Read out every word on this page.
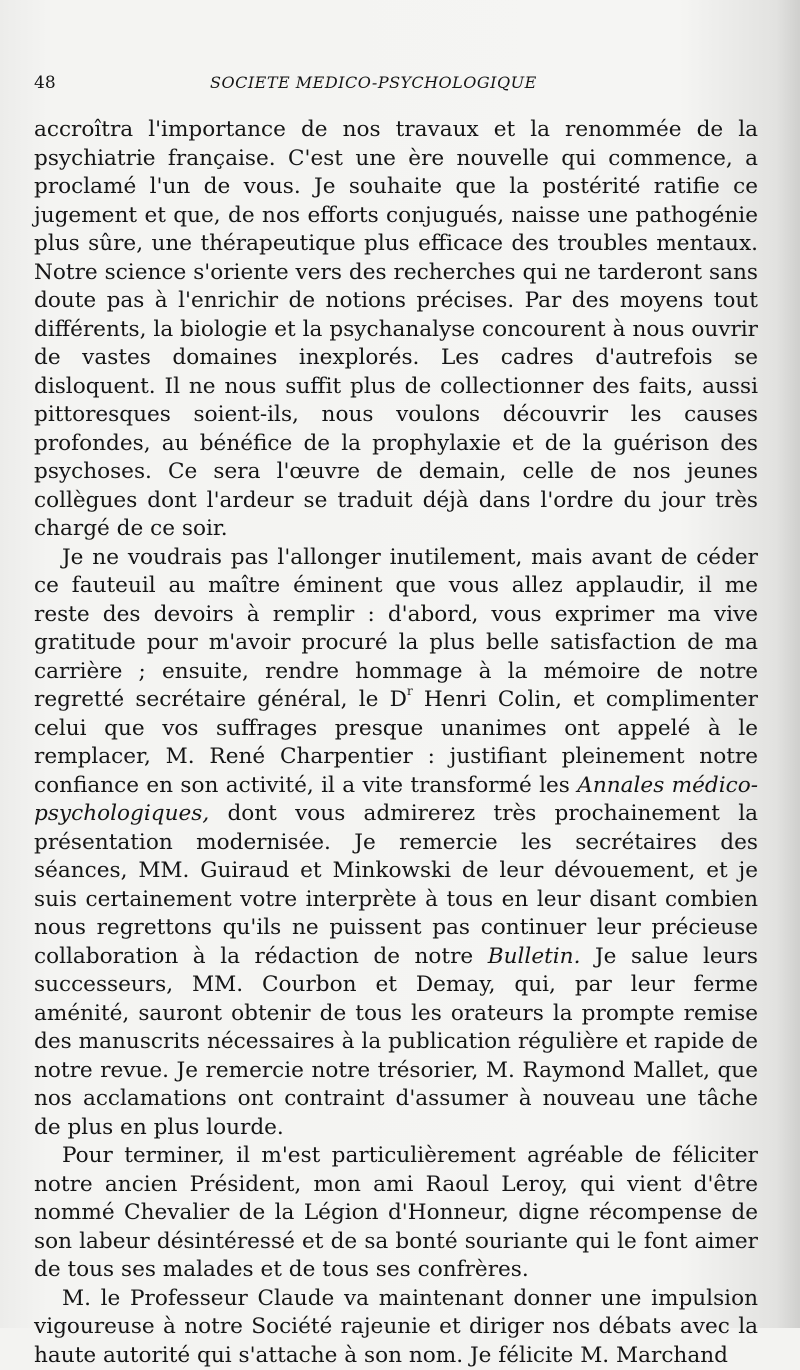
48	SOCIETE MEDICO-PSYCHOLOGIQUE

accroîtra l'importance de nos travaux et la renommée de la psychiatrie française. C'est une ère nouvelle qui commence, a proclamé l'un de vous. Je souhaite que la postérité ratifie ce jugement et que, de nos efforts conjugués, naisse une pathogénie plus sûre, une thérapeutique plus efficace des troubles mentaux. Notre science s'oriente vers des recherches qui ne tarderont sans doute pas à l'enrichir de notions précises. Par des moyens tout différents, la biologie et la psychanalyse concourent à nous ouvrir de vastes domaines inexplorés. Les cadres d'autrefois se disloquent. Il ne nous suffit plus de collectionner des faits, aussi pittoresques soient-ils, nous voulons découvrir les causes profondes, au bénéfice de la prophylaxie et de la guérison des psychoses. Ce sera l'œuvre de demain, celle de nos jeunes collègues dont l'ardeur se traduit déjà dans l'ordre du jour très chargé de ce soir.

Je ne voudrais pas l'allonger inutilement, mais avant de céder ce fauteuil au maître éminent que vous allez applaudir, il me reste des devoirs à remplir : d'abord, vous exprimer ma vive gratitude pour m'avoir procuré la plus belle satisfaction de ma carrière ; ensuite, rendre hommage à la mémoire de notre regretté secrétaire général, le $D^r$ Henri Colin, et complimenter celui que vos suffrages presque unanimes ont appelé à le remplacer, M. René Charpentier : justifiant pleinement notre confiance en son activité, il a vite transformé les Annales médico-psychologiques, dont vous admirerez très prochainement la présentation modernisée. Je remercie les secrétaires des séances, MM. Guiraud et Minkowski de leur dévouement, et je suis certainement votre interprète à tous en leur disant combien nous regrettons qu'ils ne puissent pas continuer leur précieuse collaboration à la rédaction de notre Bulletin. Je salue leurs successeurs, MM. Courbon et Demay, qui, par leur ferme aménité, sauront obtenir de tous les orateurs la prompte remise des manuscrits nécessaires à la publication régulière et rapide de notre revue. Je remercie notre trésorier, M. Raymond Mallet, que nos acclamations ont contraint d'assumer à nouveau une tâche de plus en plus lourde.

Pour terminer, il m'est particulièrement agréable de féliciter notre ancien Président, mon ami Raoul Leroy, qui vient d'être nommé Chevalier de la Légion d'Honneur, digne récompense de son labeur désintéressé et de sa bonté souriante qui le font aimer de tous ses malades et de tous ses confrères.

M. le Professeur Claude va maintenant donner une impulsion vigoureuse à notre Société rajeunie et diriger nos débats avec la haute autorité qui s'attache à son nom. Je félicite M. Marchand
